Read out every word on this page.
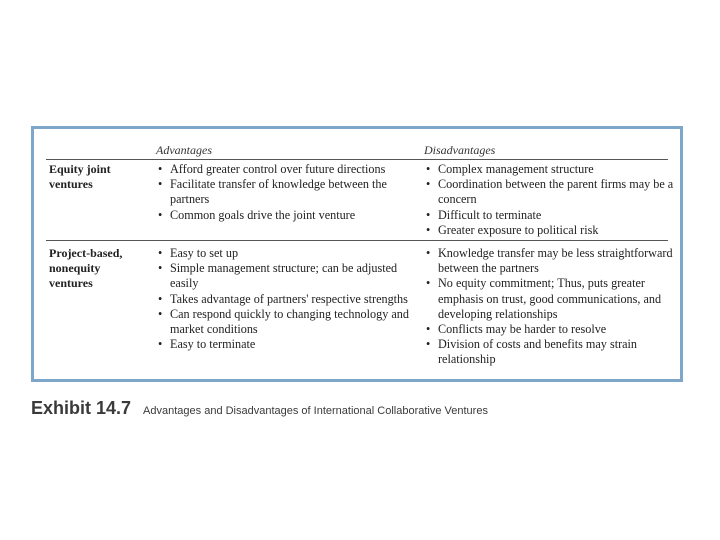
Advantages	Disadvantages
Equity joint ventures
• Afford greater control over future directions
• Facilitate transfer of knowledge between the partners
• Common goals drive the joint venture
• Complex management structure
• Coordination between the parent firms may be a concern
• Difficult to terminate
• Greater exposure to political risk
Project-based, nonequity ventures
• Easy to set up
• Simple management structure; can be adjusted easily
• Takes advantage of partners' respective strengths
• Can respond quickly to changing technology and market conditions
• Easy to terminate
• Knowledge transfer may be less straightforward between the partners
• No equity commitment; Thus, puts greater emphasis on trust, good communications, and developing relationships
• Conflicts may be harder to resolve
• Division of costs and benefits may strain relationship
Exhibit 14.7 Advantages and Disadvantages of International Collaborative Ventures
